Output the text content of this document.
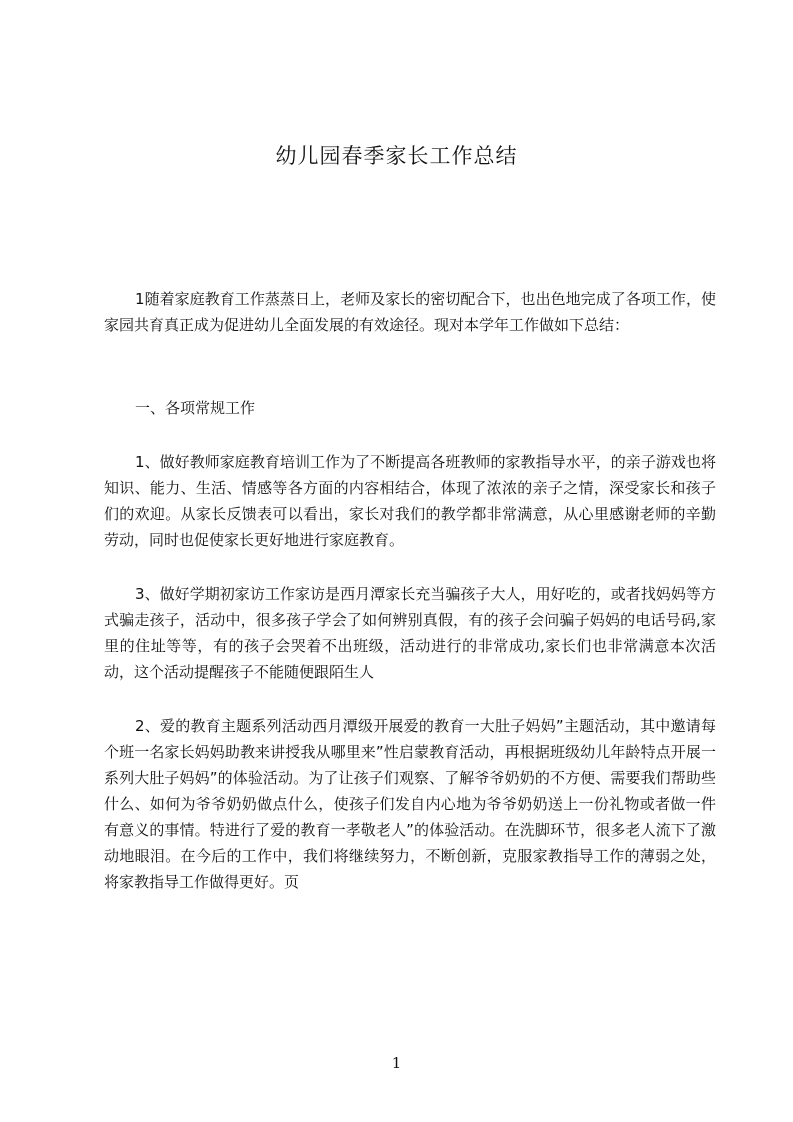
幼儿园春季家长工作总结

1随着家庭教育工作蒸蒸日上，老师及家长的密切配合下，也出色地完成了各项工作，使家园共育真正成为促进幼儿全面发展的有效途径。现对本学年工作做如下总结：

一、各项常规工作

1、做好教师家庭教育培训工作为了不断提高各班教师的家教指导水平，的亲子游戏也将知识、能力、生活、情感等各方面的内容相结合，体现了浓浓的亲子之情，深受家长和孩子们的欢迎。从家长反馈表可以看出，家长对我们的教学都非常满意，从心里感谢老师的辛勤劳动，同时也促使家长更好地进行家庭教育。

3、做好学期初家访工作家访是西月潭家长充当骗孩子大人，用好吃的，或者找妈妈等方式骗走孩子，活动中，很多孩子学会了如何辨别真假，有的孩子会问骗子妈妈的电话号码,家里的住址等等，有的孩子会哭着不出班级，活动进行的非常成功,家长们也非常满意本次活动，这个活动提醒孩子不能随便跟陌生人

2、爱的教育主题系列活动西月潭级开展爱的教育一大肚子妈妈”主题活动，其中邀请每个班一名家长妈妈助教来讲授我从哪里来”性启蒙教育活动，再根据班级幼儿年龄特点开展一系列大肚子妈妈”的体验活动。为了让孩子们观察、了解爷爷奶奶的不方便、需要我们帮助些什么、如何为爷爷奶奶做点什么，使孩子们发自内心地为爷爷奶奶送上一份礼物或者做一件有意义的事情。特进行了爱的教育一孝敬老人”的体验活动。在洗脚环节，很多老人流下了激动地眼泪。在今后的工作中，我们将继续努力，不断创新，克服家教指导工作的薄弱之处，将家教指导工作做得更好。页

1
